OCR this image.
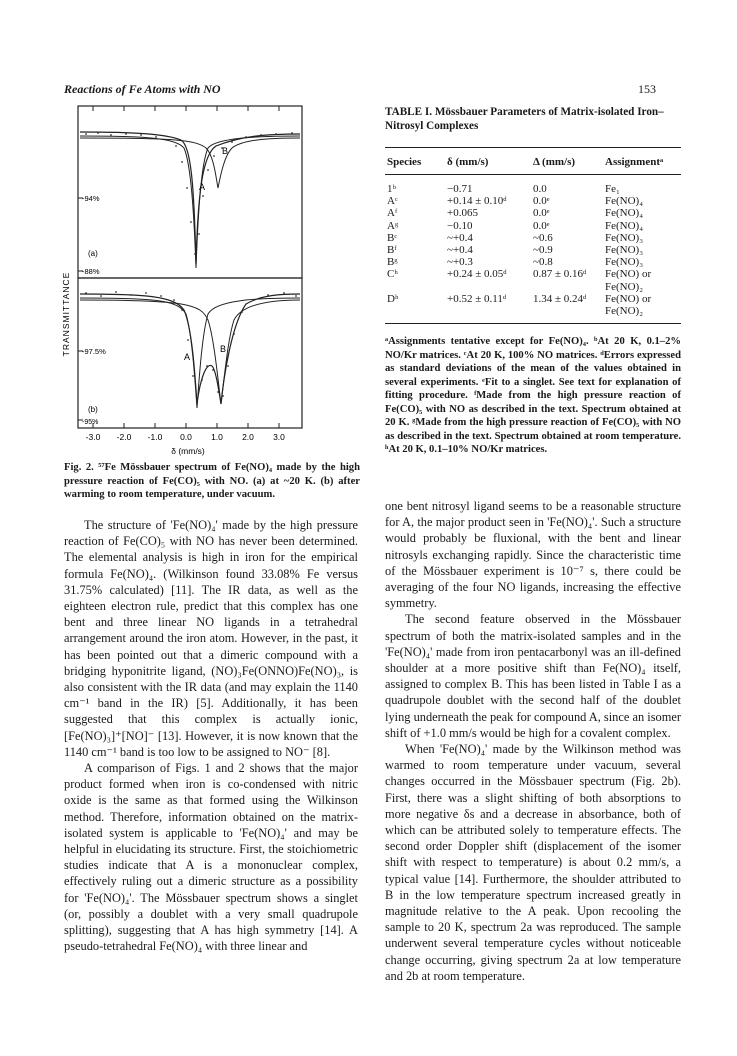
Reactions of Fe Atoms with NO	153
A
B
-94%
-88%
(a)
A
B
-97.5%
-95%
(b)
TRANSMITTANCE
-3.0 -2.0 -1.0 0.0 1.0 2.0 3.0
δ (mm/s)
Fig. 2. ⁵⁷Fe Mössbauer spectrum of Fe(NO)₄ made by the high pressure reaction of Fe(CO)₅ with NO. (a) at ~20 K. (b) after warming to room temperature, under vacuum.

The structure of 'Fe(NO)₄' made by the high pressure reaction of Fe(CO)₅ with NO has never been determined. The elemental analysis is high in iron for the empirical formula Fe(NO)₄. (Wilkinson found 33.08% Fe versus 31.75% calculated) [11]. The IR data, as well as the eighteen electron rule, predict that this complex has one bent and three linear NO ligands in a tetrahedral arrangement around the iron atom. However, in the past, it has been pointed out that a dimeric compound with a bridging hyponitrite ligand, (NO)₃Fe(ONNO)Fe(NO)₃, is also consistent with the IR data (and may explain the 1140 cm⁻¹ band in the IR) [5]. Additionally, it has been suggested that this complex is actually ionic, [Fe(NO)₃]⁺[NO]⁻ [13]. However, it is now known that the 1140 cm⁻¹ band is too low to be assigned to NO⁻ [8].

A comparison of Figs. 1 and 2 shows that the major product formed when iron is co-condensed with nitric oxide is the same as that formed using the Wilkinson method. Therefore, information obtained on the matrix-isolated system is applicable to 'Fe(NO)₄' and may be helpful in elucidating its structure. First, the stoichiometric studies indicate that A is a mononuclear complex, effectively ruling out a dimeric structure as a possibility for 'Fe(NO)₄'. The Mössbauer spectrum shows a singlet (or, possibly a doublet with a very small quadrupole splitting), suggesting that A has high symmetry [14]. A pseudo-tetrahedral Fe(NO)₄ with three linear and

TABLE I. Mössbauer Parameters of Matrix-isolated Iron–Nitrosyl Complexes
Species	δ (mm/s)	Δ (mm/s)	Assignmentᵃ
1ᵇ	−0.71	0.0	Fe₁
Aᶜ	+0.14 ± 0.10ᵈ	0.0ᵉ	Fe(NO)₄
Aᶠ	+0.065	0.0ᵉ	Fe(NO)₄
Aᵍ	−0.10	0.0ᵉ	Fe(NO)₄
Bᶜ	~+0.4	~0.6	Fe(NO)₃
Bᶠ	~+0.4	~0.9	Fe(NO)₃
Bᵍ	~+0.3	~0.8	Fe(NO)₃
Cʰ	+0.24 ± 0.05ᵈ	0.87 ± 0.16ᵈ	Fe(NO) or Fe(NO)₂
Dʰ	+0.52 ± 0.11ᵈ	1.34 ± 0.24ᵈ	Fe(NO) or Fe(NO)₂

ᵃAssignments tentative except for Fe(NO)₄. ᵇAt 20 K, 0.1–2% NO/Kr matrices. ᶜAt 20 K, 100% NO matrices. ᵈErrors expressed as standard deviations of the mean of the values obtained in several experiments. ᵉFit to a singlet. See text for explanation of fitting procedure. ᶠMade from the high pressure reaction of Fe(CO)₅ with NO as described in the text. Spectrum obtained at 20 K. ᵍMade from the high pressure reaction of Fe(CO)₅ with NO as described in the text. Spectrum obtained at room temperature. ʰAt 20 K, 0.1–10% NO/Kr matrices.

one bent nitrosyl ligand seems to be a reasonable structure for A, the major product seen in 'Fe(NO)₄'. Such a structure would probably be fluxional, with the bent and linear nitrosyls exchanging rapidly. Since the characteristic time of the Mössbauer experiment is 10⁻⁷ s, there could be averaging of the four NO ligands, increasing the effective symmetry.

The second feature observed in the Mössbauer spectrum of both the matrix-isolated samples and in the 'Fe(NO)₄' made from iron pentacarbonyl was an ill-defined shoulder at a more positive shift than Fe(NO)₄ itself, assigned to complex B. This has been listed in Table I as a quadrupole doublet with the second half of the doublet lying underneath the peak for compound A, since an isomer shift of +1.0 mm/s would be high for a covalent complex.

When 'Fe(NO)₄' made by the Wilkinson method was warmed to room temperature under vacuum, several changes occurred in the Mössbauer spectrum (Fig. 2b). First, there was a slight shifting of both absorptions to more negative δs and a decrease in absorbance, both of which can be attributed solely to temperature effects. The second order Doppler shift (displacement of the isomer shift with respect to temperature) is about 0.2 mm/s, a typical value [14]. Furthermore, the shoulder attributed to B in the low temperature spectrum increased greatly in magnitude relative to the A peak. Upon recooling the sample to 20 K, spectrum 2a was reproduced. The sample underwent several temperature cycles without noticeable change occurring, giving spectrum 2a at low temperature and 2b at room temperature.
